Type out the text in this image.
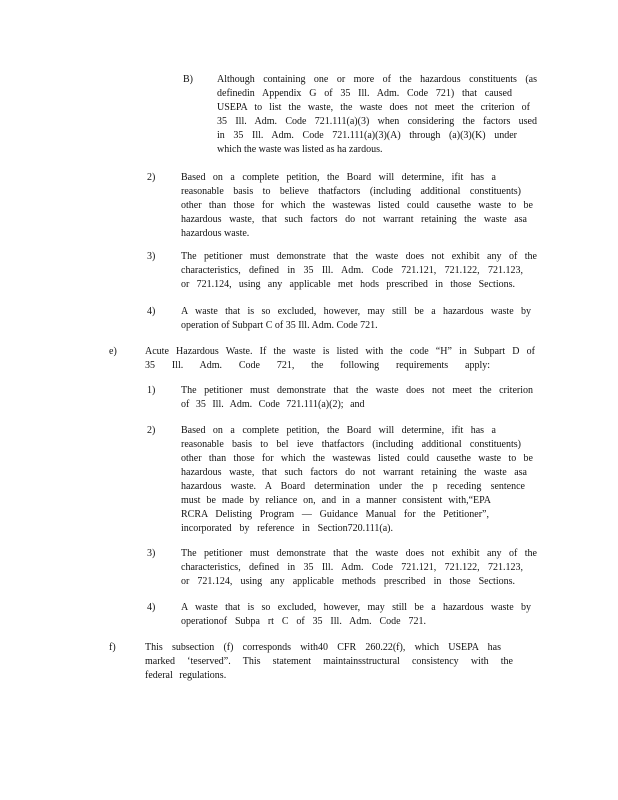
B) Although containing one or more of the hazardous constituents (as
definedin Appendix G of 35 Ill. Adm. Code 721) that caused
USEPA to list the waste, the waste does not meet the criterion of
35 Ill. Adm. Code 721.111(a)(3) when considering the factors used
in 35 Ill. Adm. Code 721.111(a)(3)(A) through (a)(3)(K) under
which the waste was listed as ha zardous.
2)	Based on a complete petition, the Board will determine, ifit has a
reasonable basis to believe thatfactors (including additional constituents)
other than those for which the wastewas listed could causethe waste to be
hazardous waste, that such factors do not warrant retaining the waste asa
hazardous waste.
3)	The petitioner must demonstrate that the waste does not exhibit any of the
characteristics, defined in 35 Ill. Adm. Code 721.121, 721.122, 721.123,
or 721.124, using any applicable met hods prescribed in those Sections.
4)	A waste that is so excluded, however, may still be a hazardous waste by
operation of Subpart C of 35 Ill. Adm. Code 721.
e)	Acute Hazardous Waste. If the waste is listed with the code “H” in Subpart D of
35 Ill. Adm. Code 721, the following requirements apply:
1)	The petitioner must demonstrate that the waste does not meet the criterion
of 35 Ill. Adm. Code 721.111(a)(2); and
2)	Based on a complete petition, the Board will determine, ifit has a
reasonable basis to bel ieve thatfactors (including additional constituents)
other than those for which the wastewas listed could causethe waste to be
hazardous waste, that such factors do not warrant retaining the waste asa
hazardous waste. A Board determination under the p receding sentence
must be made by reliance on, and in a manner consistent with,“EPA
RCRA Delisting Program — Guidance Manual for the Petitioner”,
incorporated by reference in Section720.111(a).
3)	The petitioner must demonstrate that the waste does not exhibit any of the
characteristics, defined in 35 Ill. Adm. Code 721.121, 721.122, 721.123,
or 721.124, using any applicable methods prescribed in those Sections.
4)	A waste that is so excluded, however, may still be a hazardous waste by
operationof Subpa rt C of 35 Ill. Adm. Code 721.
f)	This subsection (f) corresponds with40 CFR 260.22(f), which USEPA has
marked ‘teserved”. This statement maintainsstructural consistency with the
federal regulations.
